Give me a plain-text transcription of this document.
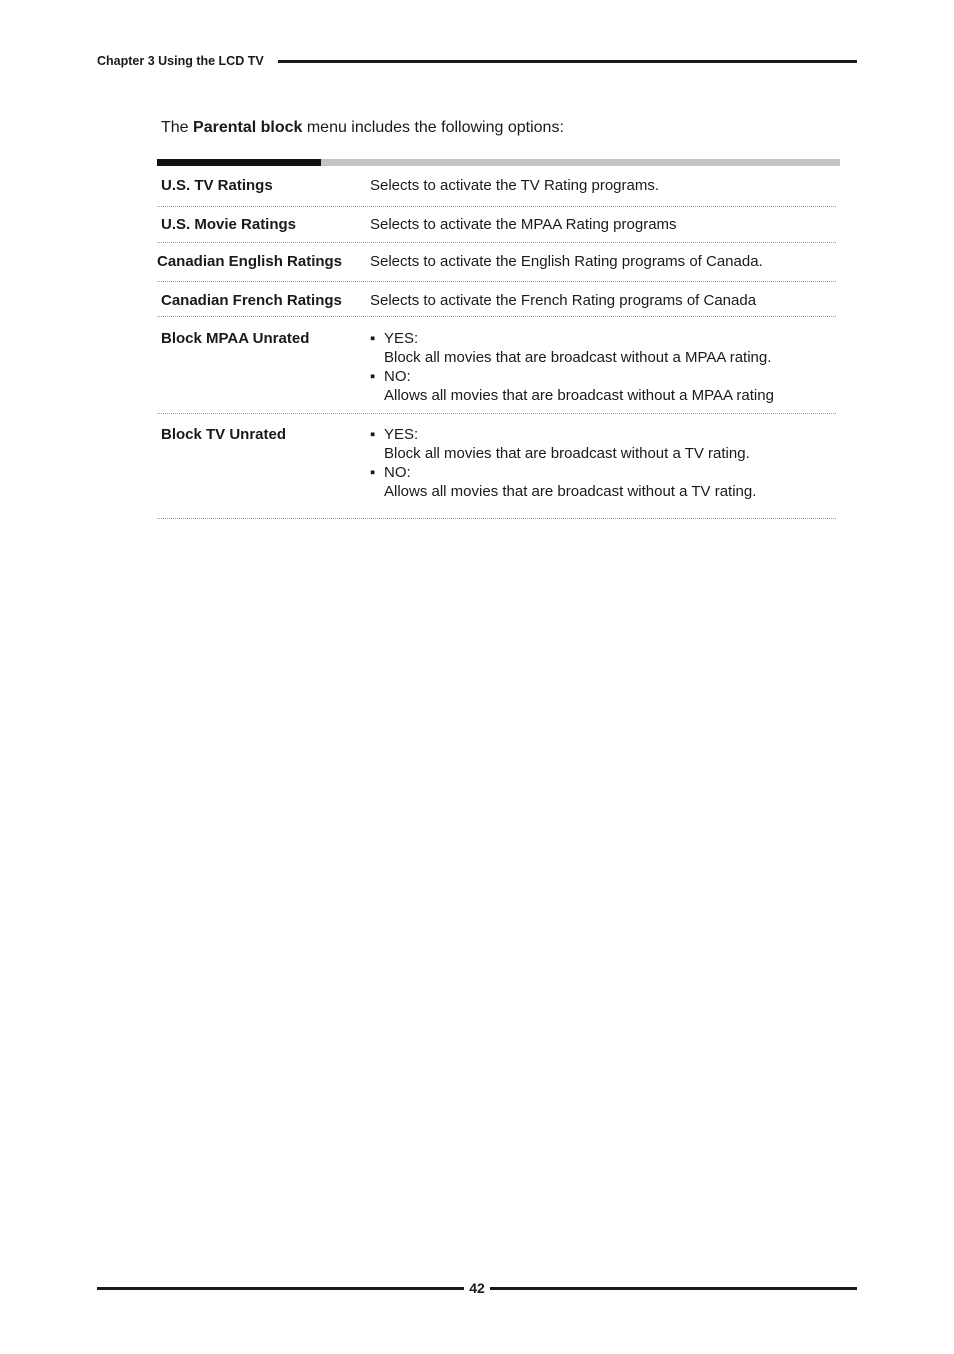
Chapter 3 Using the LCD TV
The Parental block menu includes the following options:
U.S. TV Ratings	Selects to activate the TV Rating programs.
U.S. Movie Ratings	Selects to activate the MPAA Rating programs
Canadian English Ratings	Selects to activate the English Rating programs of Canada.
Canadian French Ratings	Selects to activate the French Rating programs of Canada
Block MPAA Unrated	▪ YES:
Block all movies that are broadcast without a MPAA rating.
▪ NO:
Allows all movies that are broadcast without a MPAA rating
Block TV Unrated	▪ YES:
Block all movies that are broadcast without a TV rating.
▪ NO:
Allows all movies that are broadcast without a TV rating.
42
